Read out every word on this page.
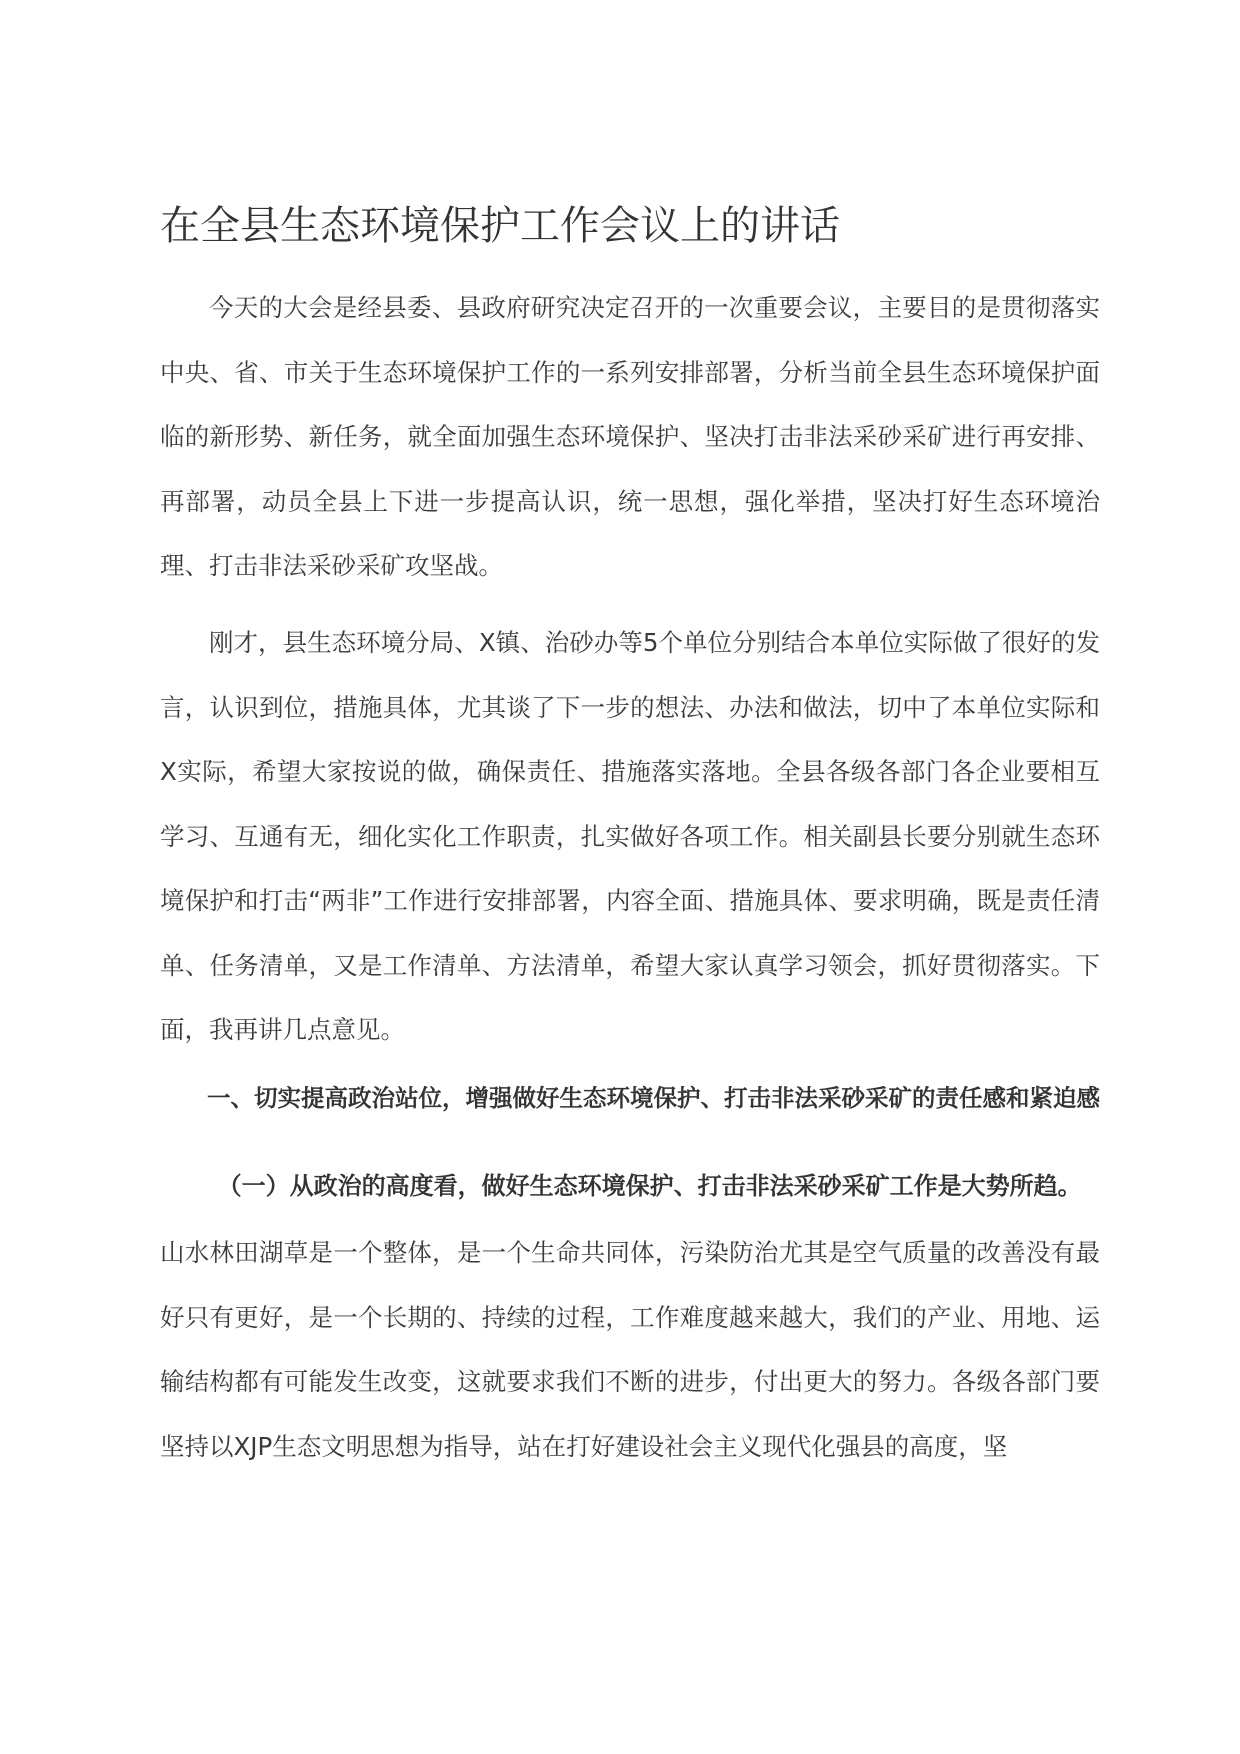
在全县生态环境保护工作会议上的讲话

今天的大会是经县委、县政府研究决定召开的一次重要会议，主要目的是贯彻落实中央、省、市关于生态环境保护工作的一系列安排部署，分析当前全县生态环境保护面临的新形势、新任务，就全面加强生态环境保护、坚决打击非法采砂采矿进行再安排、再部署，动员全县上下进一步提高认识，统一思想，强化举措，坚决打好生态环境治理、打击非法采砂采矿攻坚战。

刚才，县生态环境分局、X镇、治砂办等5个单位分别结合本单位实际做了很好的发言，认识到位，措施具体，尤其谈了下一步的想法、办法和做法，切中了本单位实际和X实际，希望大家按说的做，确保责任、措施落实落地。全县各级各部门各企业要相互学习、互通有无，细化实化工作职责，扎实做好各项工作。相关副县长要分别就生态环境保护和打击“两非”工作进行安排部署，内容全面、措施具体、要求明确，既是责任清单、任务清单，又是工作清单、方法清单，希望大家认真学习领会，抓好贯彻落实。下面，我再讲几点意见。

一、切实提高政治站位，增强做好生态环境保护、打击非法采砂采矿的责任感和紧迫感

（一）从政治的高度看，做好生态环境保护、打击非法采砂采矿工作是大势所趋。

山水林田湖草是一个整体，是一个生命共同体，污染防治尤其是空气质量的改善没有最好只有更好，是一个长期的、持续的过程，工作难度越来越大，我们的产业、用地、运输结构都有可能发生改变，这就要求我们不断的进步，付出更大的努力。各级各部门要坚持以XJP生态文明思想为指导，站在打好建设社会主义现代化强县的高度，坚
